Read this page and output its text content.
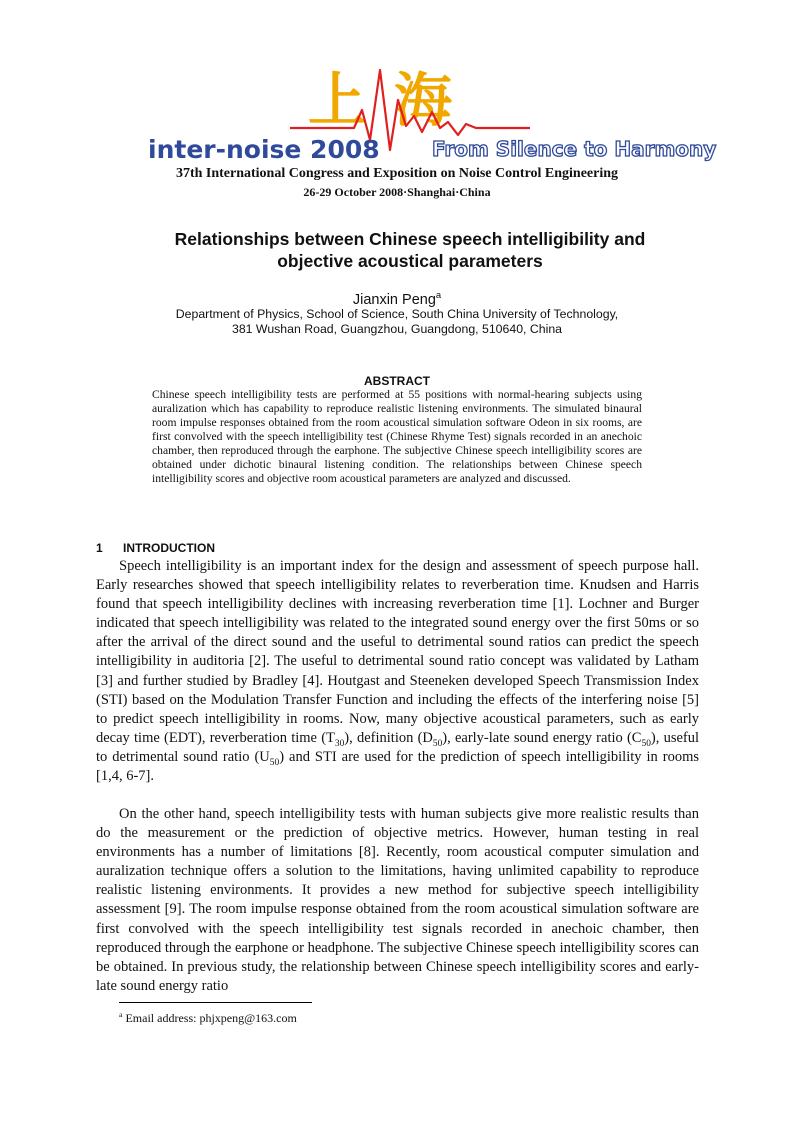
上海
inter-noise 2008	From Silence to Harmony
37th International Congress and Exposition on Noise Control Engineering
26-29 October 2008·Shanghai·China
Relationships between Chinese speech intelligibility and
objective acoustical parameters
Jianxin Peng$^a$
Department of Physics, School of Science, South China University of Technology,
381 Wushan Road, Guangzhou, Guangdong, 510640, China
ABSTRACT

Chinese speech intelligibility tests are performed at 55 positions with normal-hearing subjects using auralization which has capability to reproduce realistic listening environments. The simulated binaural room impulse responses obtained from the room acoustical simulation software Odeon in six rooms, are first convolved with the speech intelligibility test (Chinese Rhyme Test) signals recorded in an anechoic chamber, then reproduced through the earphone. The subjective Chinese speech intelligibility scores are obtained under dichotic binaural listening condition. The relationships between Chinese speech intelligibility scores and objective room acoustical parameters are analyzed and discussed.

1 INTRODUCTION

Speech intelligibility is an important index for the design and assessment of speech purpose hall. Early researches showed that speech intelligibility relates to reverberation time. Knudsen and Harris found that speech intelligibility declines with increasing reverberation time [1]. Lochner and Burger indicated that speech intelligibility was related to the integrated sound energy over the first 50ms or so after the arrival of the direct sound and the useful to detrimental sound ratios can predict the speech intelligibility in auditoria [2]. The useful to detrimental sound ratio concept was validated by Latham [3] and further studied by Bradley [4]. Houtgast and Steeneken developed Speech Transmission Index (STI) based on the Modulation Transfer Function and including the effects of the interfering noise [5] to predict speech intelligibility in rooms. Now, many objective acoustical parameters, such as early decay time (EDT), reverberation time $(T_{30})$, definition $(D_{50})$, early-late sound energy ratio $(C_{50})$, useful to detrimental sound ratio $(U_{50})$ and STI are used for the prediction of speech intelligibility in rooms [1,4, 6-7].

On the other hand, speech intelligibility tests with human subjects give more realistic results than do the measurement or the prediction of objective metrics. However, human testing in real environments has a number of limitations [8]. Recently, room acoustical computer simulation and auralization technique offers a solution to the limitations, having unlimited capability to reproduce realistic listening environments. It provides a new method for subjective speech intelligibility assessment [9]. The room impulse response obtained from the room acoustical simulation software are first convolved with the speech intelligibility test signals recorded in anechoic chamber, then reproduced through the earphone or headphone. The subjective Chinese speech intelligibility scores can be obtained. In previous study, the relationship between Chinese speech intelligibility scores and early-late sound energy ratio

$^a$ Email address: phjxpeng@163.com
